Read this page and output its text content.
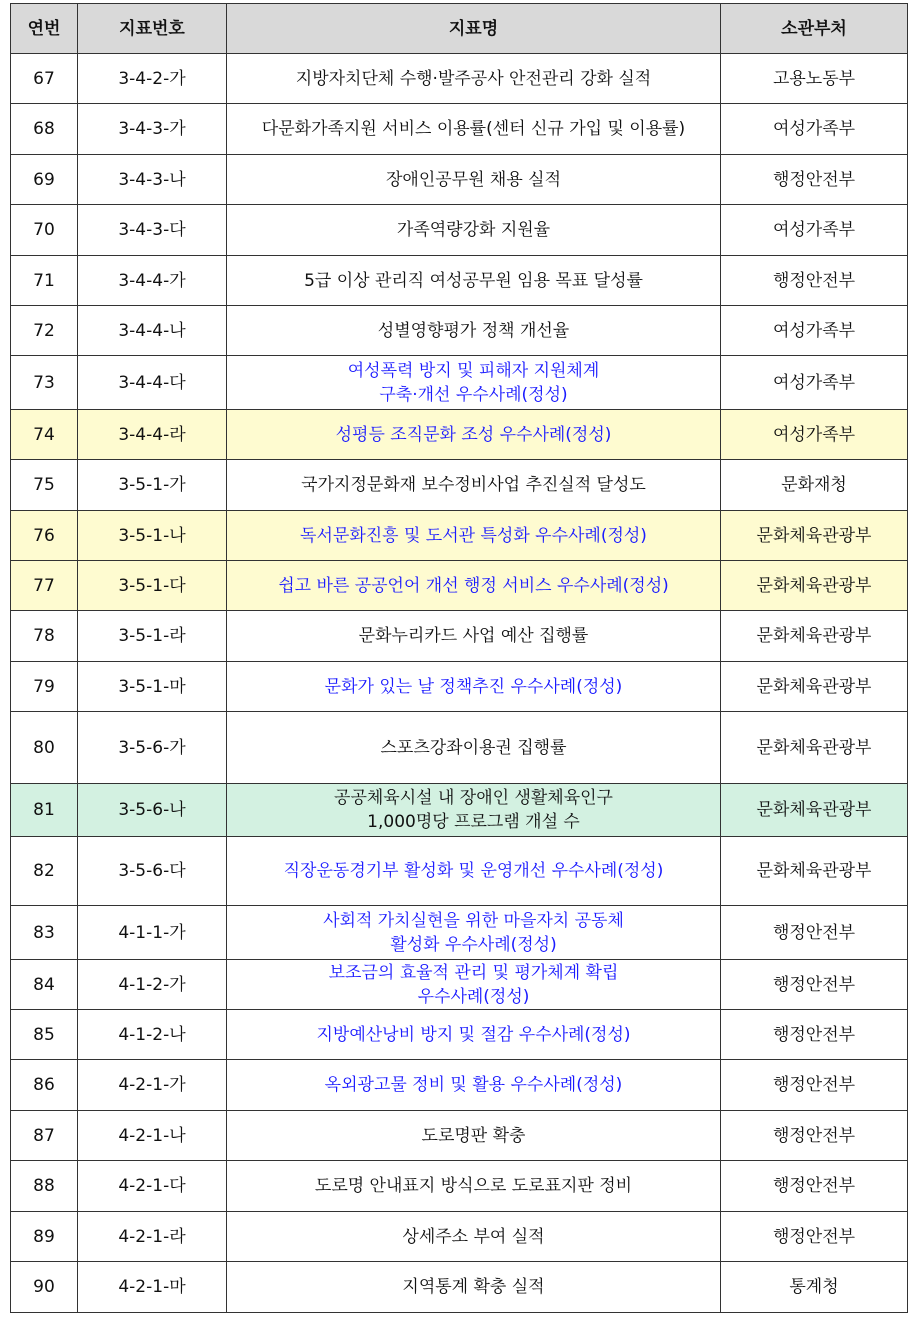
연번	지표번호	지표명	소관부처
67	3-4-2-가	지방자치단체 수행·발주공사 안전관리 강화 실적	고용노동부
68	3-4-3-가	다문화가족지원 서비스 이용률(센터 신규 가입 및 이용률)	여성가족부
69	3-4-3-나	장애인공무원 채용 실적	행정안전부
70	3-4-3-다	가족역량강화 지원율	여성가족부
71	3-4-4-가	5급 이상 관리직 여성공무원 임용 목표 달성률	행정안전부
72	3-4-4-나	성별영향평가 정책 개선율	여성가족부
73	3-4-4-다	여성폭력 방지 및 피해자 지원체계
구축·개선 우수사례(정성)	여성가족부
74	3-4-4-라	성평등 조직문화 조성 우수사례(정성)	여성가족부
75	3-5-1-가	국가지정문화재 보수정비사업 추진실적 달성도	문화재청
76	3-5-1-나	독서문화진흥 및 도서관 특성화 우수사례(정성)	문화체육관광부
77	3-5-1-다	쉽고 바른 공공언어 개선 행정 서비스 우수사례(정성)	문화체육관광부
78	3-5-1-라	문화누리카드 사업 예산 집행률	문화체육관광부
79	3-5-1-마	문화가 있는 날 정책추진 우수사례(정성)	문화체육관광부
80	3-5-6-가	스포츠강좌이용권 집행률	문화체육관광부
81	3-5-6-나	공공체육시설 내 장애인 생활체육인구
1,000명당 프로그램 개설 수	문화체육관광부
82	3-5-6-다	직장운동경기부 활성화 및 운영개선 우수사례(정성)	문화체육관광부
83	4-1-1-가	사회적 가치실현을 위한 마을자치 공동체
활성화 우수사례(정성)	행정안전부
84	4-1-2-가	보조금의 효율적 관리 및 평가체계 확립
우수사례(정성)	행정안전부
85	4-1-2-나	지방예산낭비 방지 및 절감 우수사례(정성)	행정안전부
86	4-2-1-가	옥외광고물 정비 및 활용 우수사례(정성)	행정안전부
87	4-2-1-나	도로명판 확충	행정안전부
88	4-2-1-다	도로명 안내표지 방식으로 도로표지판 정비	행정안전부
89	4-2-1-라	상세주소 부여 실적	행정안전부
90	4-2-1-마	지역통계 확충 실적	통계청
